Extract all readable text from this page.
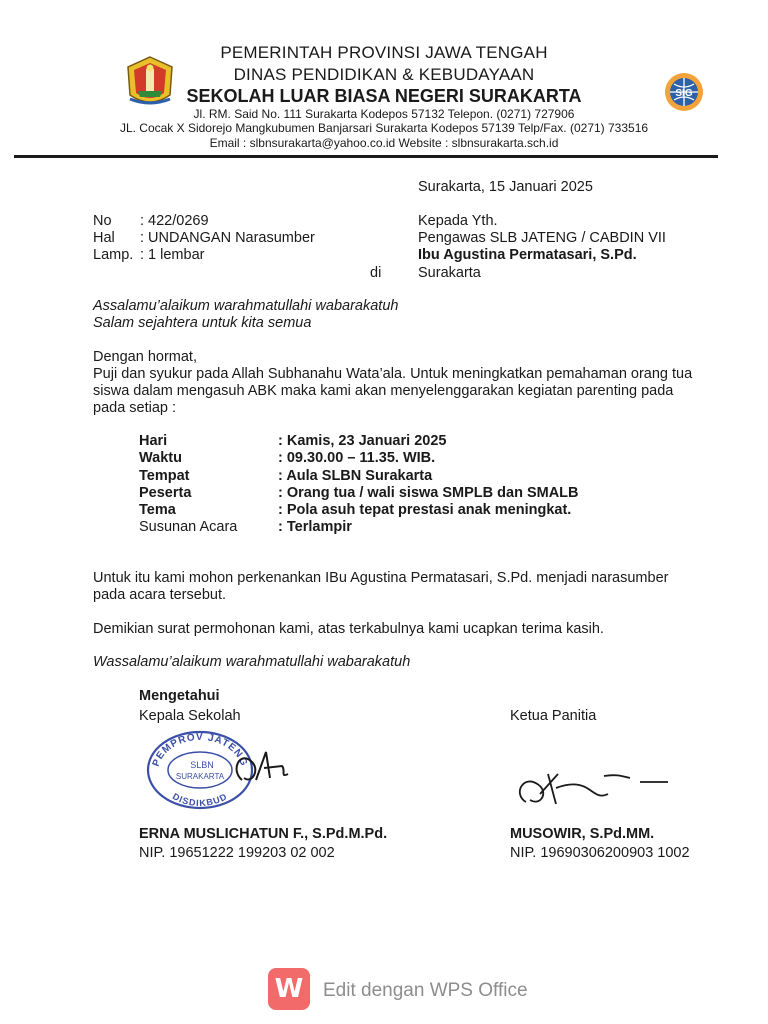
SIG
PEMERINTAH PROVINSI JAWA TENGAH
DINAS PENDIDIKAN & KEBUDAYAAN
SEKOLAH LUAR BIASA NEGERI SURAKARTA
Jl. RM. Said No. 111 Surakarta Kodepos 57132 Telepon. (0271) 727906
JL. Cocak X Sidorejo Mangkubumen Banjarsari Surakarta Kodepos 57139 Telp/Fax. (0271) 733516
Email : slbnsurakarta@yahoo.co.id Website : slbnsurakarta.sch.id
Surakarta, 15 Januari 2025
No : 422/0269
Hal : UNDANGAN Narasumber
Lamp. : 1 lembar
Kepada Yth.
Pengawas SLB JATENG / CABDIN VII
Ibu Agustina Permatasari, S.Pd.
di	Surakarta
Assalamu’alaikum warahmatullahi wabarakatuh
Salam sejahtera untuk kita semua
Dengan hormat,
Puji dan syukur pada Allah Subhanahu Wata’ala. Untuk meningkatkan pemahaman orang tua
siswa dalam mengasuh ABK maka kami akan menyelenggarakan kegiatan parenting pada
pada setiap :
Hari	: Kamis, 23 Januari 2025
Waktu	: 09.30.00 – 11.35. WIB.
Tempat	: Aula SLBN Surakarta
Peserta	: Orang tua / wali siswa SMPLB dan SMALB
Tema	: Pola asuh tepat prestasi anak meningkat.
Susunan Acara	: Terlampir
Untuk itu kami mohon perkenankan IBu Agustina Permatasari, S.Pd. menjadi narasumber
pada acara tersebut.
Demikian surat permohonan kami, atas terkabulnya kami ucapkan terima kasih.
Wassalamu’alaikum warahmatullahi wabarakatuh
Mengetahui
Kepala Sekolah	Ketua Panitia
PEMPROV JATENG
DISDIKBUD
SLBN
SURAKARTA
ERNA MUSLICHATUN F., S.Pd.M.Pd.
NIP. 19651222 199203 02 002
MUSOWIR, S.Pd.MM.
NIP. 19690306200903 1002
W	Edit dengan WPS Office
